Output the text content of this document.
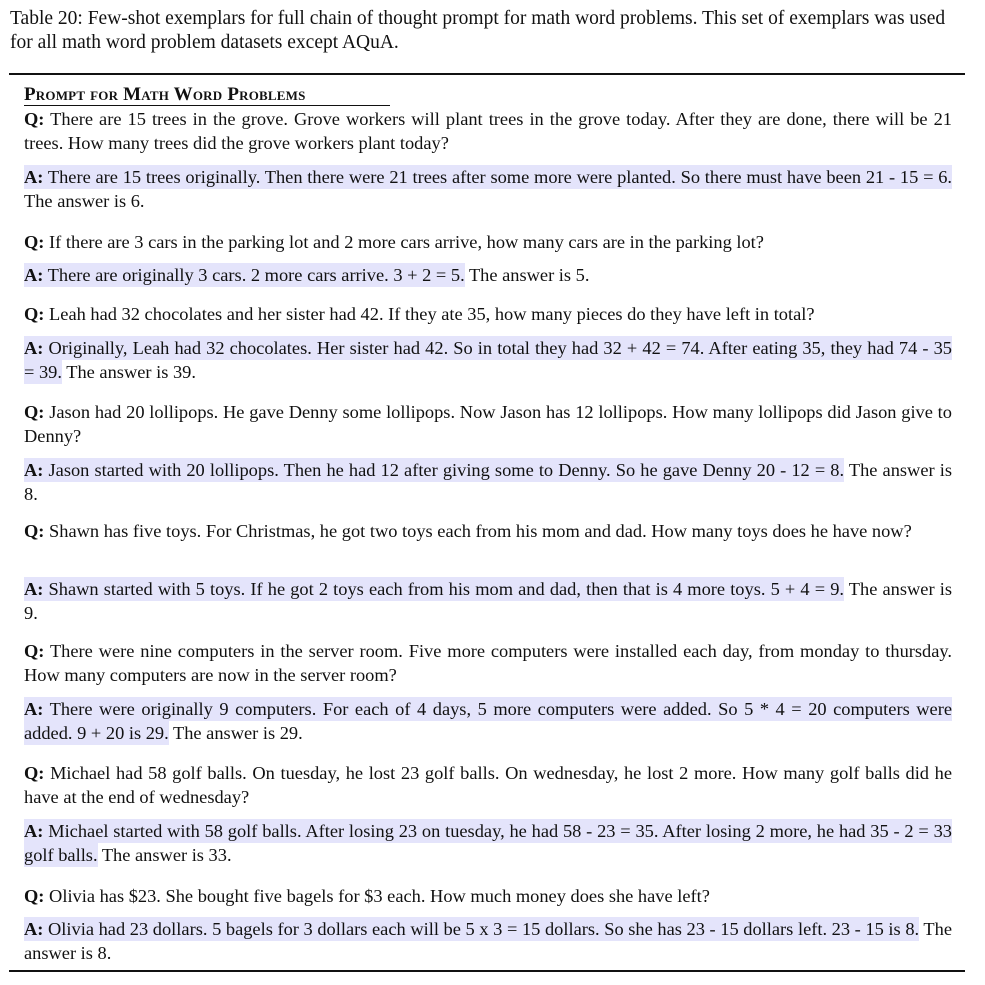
Table 20: Few-shot exemplars for full chain of thought prompt for math word problems. This set of exemplars was used for all math word problem datasets except AQuA.
Prompt for Math Word Problems
Q: There are 15 trees in the grove. Grove workers will plant trees in the grove today. After they are done, there will be 21 trees. How many trees did the grove workers plant today?
A: There are 15 trees originally. Then there were 21 trees after some more were planted. So there must have been 21 - 15 = 6. The answer is 6.
Q: If there are 3 cars in the parking lot and 2 more cars arrive, how many cars are in the parking lot?
A: There are originally 3 cars. 2 more cars arrive. 3 + 2 = 5. The answer is 5.
Q: Leah had 32 chocolates and her sister had 42. If they ate 35, how many pieces do they have left in total?
A: Originally, Leah had 32 chocolates. Her sister had 42. So in total they had 32 + 42 = 74. After eating 35, they had 74 - 35 = 39. The answer is 39.
Q: Jason had 20 lollipops. He gave Denny some lollipops. Now Jason has 12 lollipops. How many lollipops did Jason give to Denny?
A: Jason started with 20 lollipops. Then he had 12 after giving some to Denny. So he gave Denny 20 - 12 = 8. The answer is 8.
Q: Shawn has five toys. For Christmas, he got two toys each from his mom and dad. How many toys does he have now?
A: Shawn started with 5 toys. If he got 2 toys each from his mom and dad, then that is 4 more toys. 5 + 4 = 9. The answer is 9.
Q: There were nine computers in the server room. Five more computers were installed each day, from monday to thursday. How many computers are now in the server room?
A: There were originally 9 computers. For each of 4 days, 5 more computers were added. So 5 * 4 = 20 computers were added. 9 + 20 is 29. The answer is 29.
Q: Michael had 58 golf balls. On tuesday, he lost 23 golf balls. On wednesday, he lost 2 more. How many golf balls did he have at the end of wednesday?
A: Michael started with 58 golf balls. After losing 23 on tuesday, he had 58 - 23 = 35. After losing 2 more, he had 35 - 2 = 33 golf balls. The answer is 33.
Q: Olivia has $23. She bought five bagels for $3 each. How much money does she have left?
A: Olivia had 23 dollars. 5 bagels for 3 dollars each will be 5 x 3 = 15 dollars. So she has 23 - 15 dollars left. 23 - 15 is 8. The answer is 8.
